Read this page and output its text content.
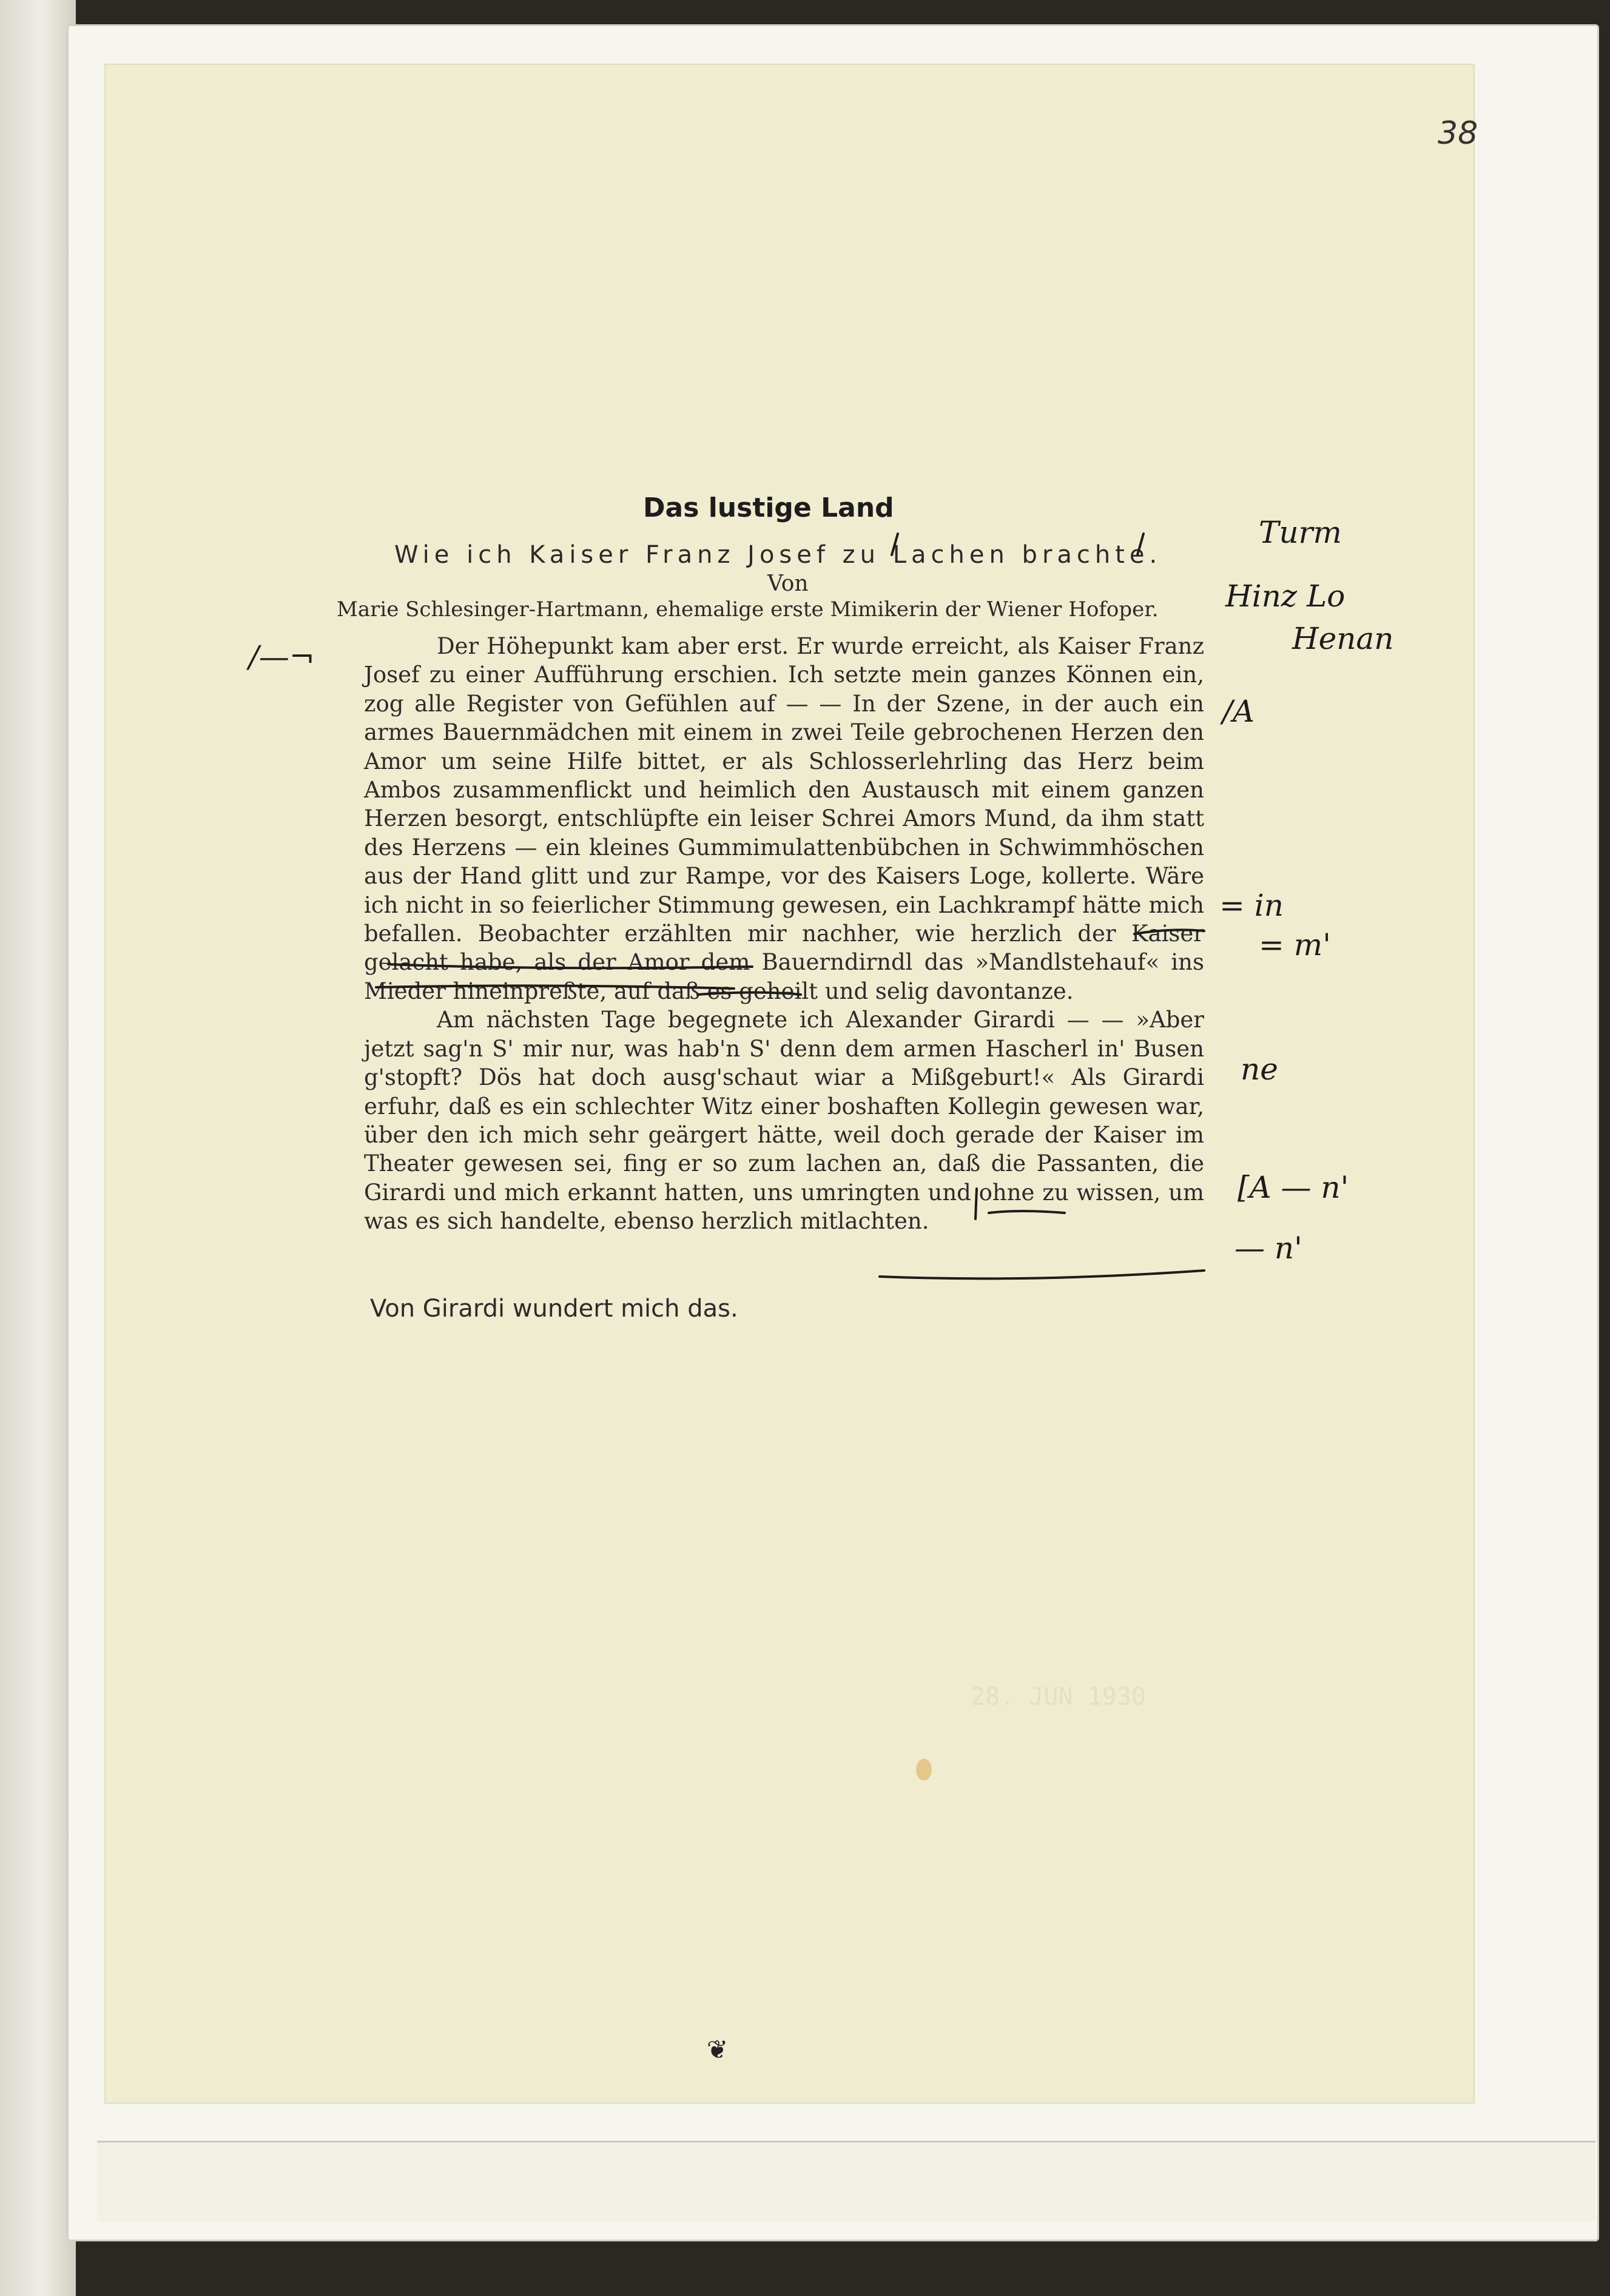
38
Das lustige Land
Wie ich Kaiser Franz Josef zu Lachen brachte.
Von
Marie Schlesinger-Hartmann, ehemalige erste Mimikerin der Wiener Hofoper.

Der Höhepunkt kam aber erst. Er wurde erreicht, als Kaiser Franz Josef zu einer Aufführung erschien. Ich setzte mein ganzes Können ein, zog alle Register von Gefühlen auf — — In der Szene, in der auch ein armes Bauernmädchen mit einem in zwei Teile gebrochenen Herzen den Amor um seine Hilfe bittet, er als Schlosserlehrling das Herz beim Ambos zusammenflickt und heimlich den Austausch mit einem ganzen Herzen besorgt, entschlüpfte ein leiser Schrei Amors Mund, da ihm statt des Herzens — ein kleines Gummimulattenbübchen in Schwimmhöschen aus der Hand glitt und zur Rampe, vor des Kaisers Loge, kollerte. Wäre ich nicht in so feierlicher Stimmung gewesen, ein Lachkrampf hätte mich befallen. Beobachter erzählten mir nachher, wie herzlich der Kaiser gelacht habe, als der Amor dem Bauerndirndl das »Mandlstehauf« ins Mieder hineinpreßte, auf daß es geheilt und selig davontanze.

Am nächsten Tage begegnete ich Alexander Girardi — — »Aber jetzt sag'n S' mir nur, was hab'n S' denn dem armen Hascherl in' Busen g'stopft? Dös hat doch ausg'schaut wiar a Mißgeburt!« Als Girardi erfuhr, daß es ein schlechter Witz einer boshaften Kollegin gewesen war, über den ich mich sehr geärgert hätte, weil doch gerade der Kaiser im Theater gewesen sei, fing er so zum lachen an, daß die Passanten, die Girardi und mich erkannt hatten, uns umringten und ohne zu wissen, um was es sich handelte, ebenso herzlich mitlachten.

Von Girardi wundert mich das.
28. JUN 1930
❦
Turm
Hinz Lo
Henan
/—¬
/A
= in
= m'
ne
[A — n'
— n'
